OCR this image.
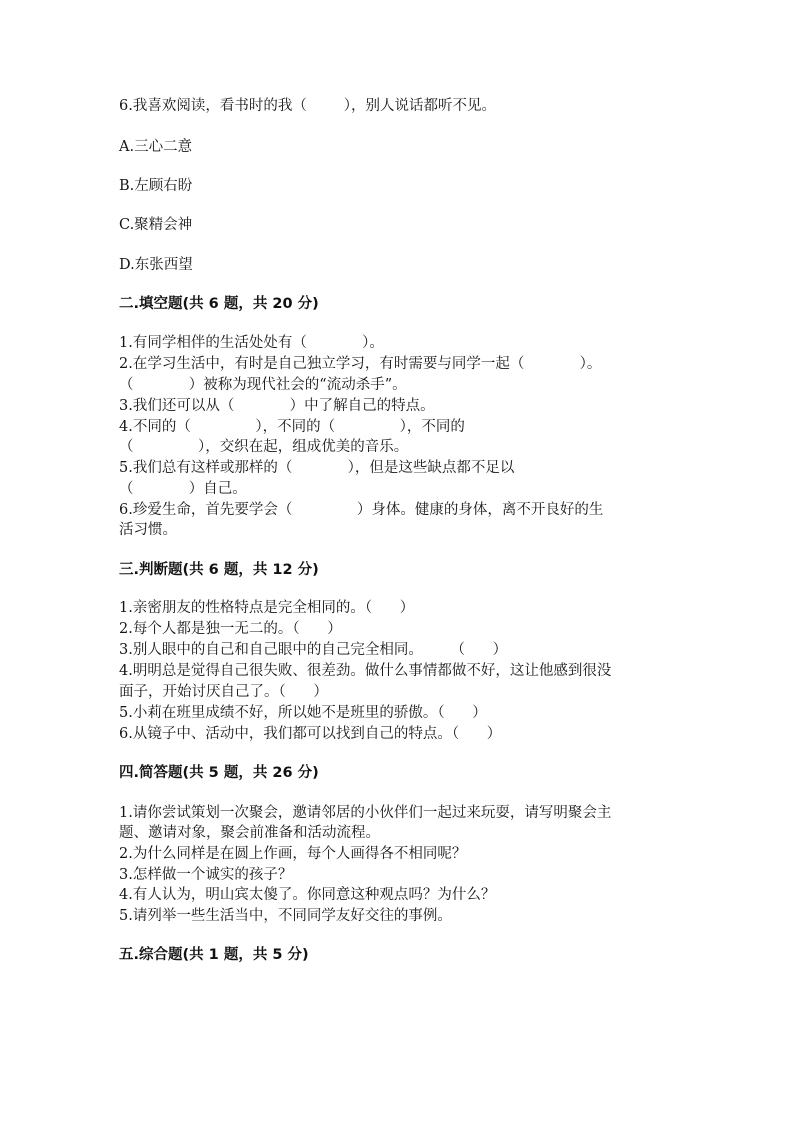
6.我喜欢阅读，看书时的我（        ），别人说话都听不见。
A.三心二意
B.左顾右盼
C.聚精会神
D.东张西望
二.填空题(共 6 题，共 20 分)
1.有同学相伴的生活处处有（            ）。
2.在学习生活中，有时是自己独立学习，有时需要与同学一起（            ）。
（            ）被称为现代社会的“流动杀手”。
3.我们还可以从（            ）中了解自己的特点。
4.不同的（              ），不同的（              ），不同的
（              ），交织在起，组成优美的音乐。
5.我们总有这样或那样的（            ），但是这些缺点都不足以
（            ）自己。
6.珍爱生命，首先要学会（              ）身体。健康的身体，离不开良好的生
活习惯。
三.判断题(共 6 题，共 12 分)
1.亲密朋友的性格特点是完全相同的。（      ）
2.每个人都是独一无二的。（      ）
3.别人眼中的自己和自己眼中的自己完全相同。      （      ）
4.明明总是觉得自己很失败、很差劲。做什么事情都做不好，这让他感到很没
面子，开始讨厌自己了。（      ）
5.小莉在班里成绩不好，所以她不是班里的骄傲。（      ）
6.从镜子中、活动中，我们都可以找到自己的特点。（      ）
四.简答题(共 5 题，共 26 分)
1.请你尝试策划一次聚会，邀请邻居的小伙伴们一起过来玩耍，请写明聚会主
题、邀请对象，聚会前准备和活动流程。
2.为什么同样是在圆上作画，每个人画得各不相同呢？
3.怎样做一个诚实的孩子？
4.有人认为，明山宾太傻了。你同意这种观点吗？为什么？
5.请列举一些生活当中，不同同学友好交往的事例。
五.综合题(共 1 题，共 5 分)
